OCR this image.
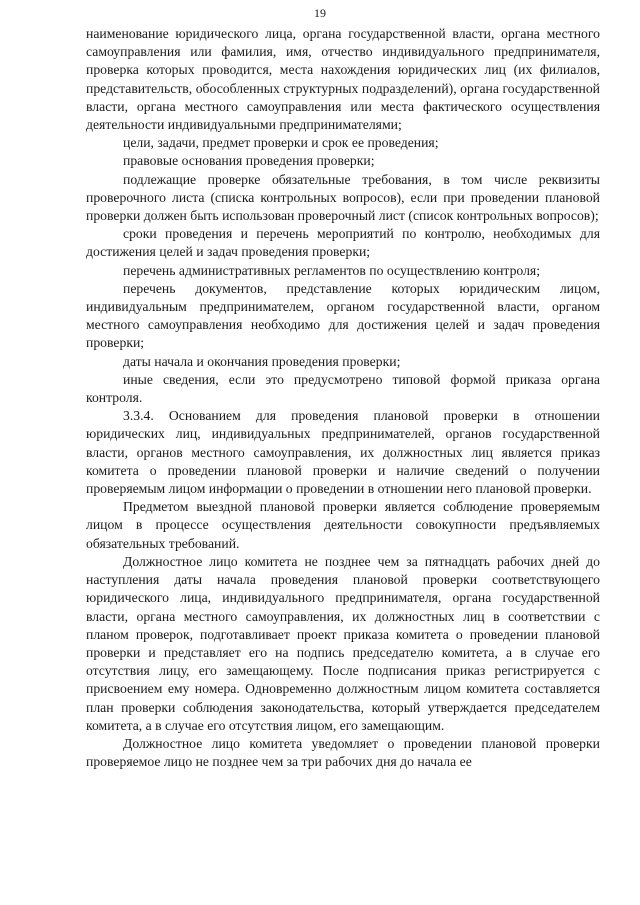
19

наименование юридического лица, органа государственной власти, органа местного самоуправления или фамилия, имя, отчество индивидуального предпринимателя, проверка которых проводится, места нахождения юридических лиц (их филиалов, представительств, обособленных структурных подразделений), органа государственной власти, органа местного самоуправления или места фактического осуществления деятельности индивидуальными предпринимателями;

цели, задачи, предмет проверки и срок ее проведения;

правовые основания проведения проверки;

подлежащие проверке обязательные требования, в том числе реквизиты проверочного листа (списка контрольных вопросов), если при проведении плановой проверки должен быть использован проверочный лист (список контрольных вопросов);

сроки проведения и перечень мероприятий по контролю, необходимых для достижения целей и задач проведения проверки;

перечень административных регламентов по осуществлению контроля;

перечень документов, представление которых юридическим лицом, индивидуальным предпринимателем, органом государственной власти, органом местного самоуправления необходимо для достижения целей и задач проведения проверки;

даты начала и окончания проведения проверки;

иные сведения, если это предусмотрено типовой формой приказа органа контроля.

3.3.4. Основанием для проведения плановой проверки в отношении юридических лиц, индивидуальных предпринимателей, органов государственной власти, органов местного самоуправления, их должностных лиц является приказ комитета о проведении плановой проверки и наличие сведений о получении проверяемым лицом информации о проведении в отношении него плановой проверки.

Предметом выездной плановой проверки является соблюдение проверяемым лицом в процессе осуществления деятельности совокупности предъявляемых обязательных требований.

Должностное лицо комитета не позднее чем за пятнадцать рабочих дней до наступления даты начала проведения плановой проверки соответствующего юридического лица, индивидуального предпринимателя, органа государственной власти, органа местного самоуправления, их должностных лиц в соответствии с планом проверок, подготавливает проект приказа комитета о проведении плановой проверки и представляет его на подпись председателю комитета, а в случае его отсутствия лицу, его замещающему. После подписания приказ регистрируется с присвоением ему номера. Одновременно должностным лицом комитета составляется план проверки соблюдения законодательства, который утверждается председателем комитета, а в случае его отсутствия лицом, его замещающим.

Должностное лицо комитета уведомляет о проведении плановой проверки проверяемое лицо не позднее чем за три рабочих дня до начала ее
